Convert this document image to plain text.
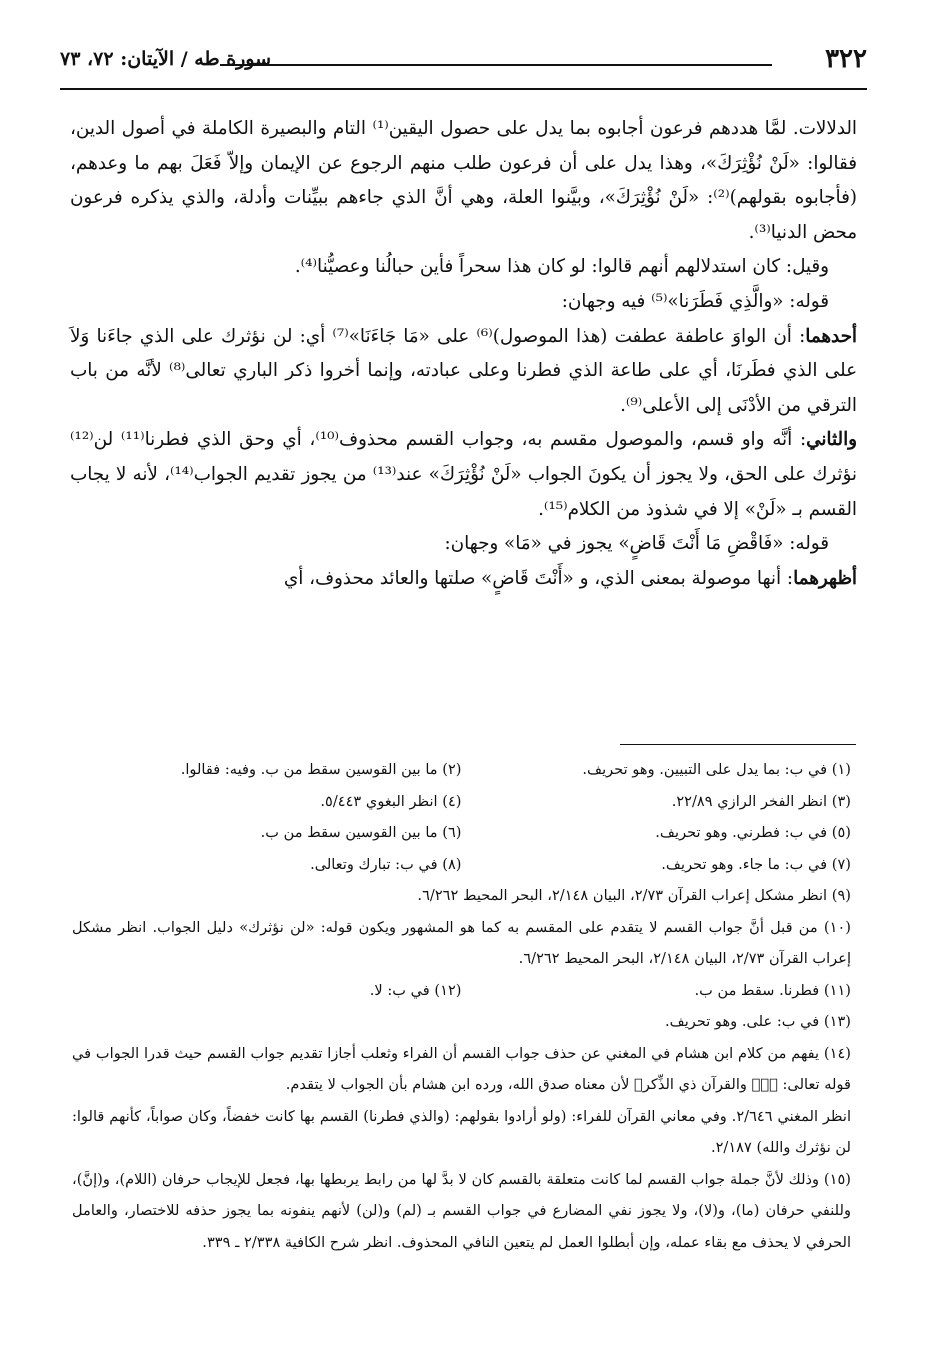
٣٢٢
سورة طه / الآيتان: ٧٢، ٧٣

الدلالات. لمَّا هددهم فرعون أجابوه بما يدل على حصول اليقين⁽¹⁾ التام والبصيرة الكاملة في أصول الدين، فقالوا: «لَنْ نُؤْثِرَكَ»، وهذا يدل على أن فرعون طلب منهم الرجوع عن الإيمان وإلاّ فَعَلَ بهم ما وعدهم، (فأجابوه بقولهم)⁽²⁾: «لَنْ نُؤْثِرَكَ»، وبيَّنوا العلة، وهي أنَّ الذي جاءهم ببيِّنات وأدلة، والذي يذكره فرعون محض الدنيا⁽³⁾.

وقيل: كان استدلالهم أنهم قالوا: لو كان هذا سحراً فأين حبالُنا وعصيُّنا⁽⁴⁾.

قوله: «والَّذِي فَطَرَنا»⁽⁵⁾ فيه وجهان:

أحدهما: أن الواوَ عاطفة عطفت (هذا الموصول)⁽⁶⁾ على «مَا جَاءَنَا»⁽⁷⁾ أي: لن نؤثرك على الذي جاءَنا وَلاَ على الذي فطَرنَا، أي على طاعة الذي فطرنا وعلى عبادته، وإنما أخروا ذكر الباري تعالى⁽⁸⁾ لأنَّه من باب الترقي من الأدْنَى إلى الأعلى⁽⁹⁾.

والثاني: أنَّه واو قسم، والموصول مقسم به، وجواب القسم محذوف⁽¹⁰⁾، أي وحق الذي فطرنا⁽¹¹⁾ لن⁽¹²⁾ نؤثرك على الحق، ولا يجوز أن يكونَ الجواب «لَنْ نُؤْثِرَكَ» عند⁽¹³⁾ من يجوز تقديم الجواب⁽¹⁴⁾، لأنه لا يجاب القسم بـ «لَنْ» إلا في شذوذ من الكلام⁽¹⁵⁾.

قوله: «فَاقْضِ مَا أَنْتَ قَاضٍ» يجوز في «مَا» وجهان:

أظهرهما: أنها موصولة بمعنى الذي، و «أَنْتَ قَاضٍ» صلتها والعائد محذوف، أي

(١) في ب: بما يدل على التبيين. وهو تحريف.
(٢) ما بين القوسين سقط من ب. وفيه: فقالوا.
(٣) انظر الفخر الرازي ٢٢/٨٩.
(٤) انظر البغوي ٥/٤٤٣.
(٥) في ب: فطرني. وهو تحريف.
(٦) ما بين القوسين سقط من ب.
(٧) في ب: ما جاء. وهو تحريف.
(٨) في ب: تبارك وتعالى.
(٩) انظر مشكل إعراب القرآن ٢/٧٣، البيان ٢/١٤٨، البحر المحيط ٦/٢٦٢.
(١٠) من قبل أنَّ جواب القسم لا يتقدم على المقسم به كما هو المشهور ويكون قوله: «لن نؤثرك» دليل الجواب. انظر مشكل إعراب القرآن ٢/٧٣، البيان ٢/١٤٨، البحر المحيط ٦/٢٦٢.
(١١) فطرنا. سقط من ب.
(١٢) في ب: لا.
(١٣) في ب: على. وهو تحريف.
(١٤) يفهم من كلام ابن هشام في المغني عن حذف جواب القسم أن الفراء وثعلب أجازا تقديم جواب القسم حيث قدرا الجواب في قوله تعالى: ﴿صۤ والقرآن ذي الذِّكر﴾ لأن معناه صدق الله، ورده ابن هشام بأن الجواب لا يتقدم.
انظر المغني ٢/٦٤٦. وفي معاني القرآن للفراء: (ولو أرادوا بقولهم: (والذي فطرنا) القسم بها كانت خفضاً، وكان صواباً، كأنهم قالوا: لن نؤثرك والله) ٢/١٨٧.
(١٥) وذلك لأنَّ جملة جواب القسم لما كانت متعلقة بالقسم كان لا بدَّ لها من رابط يربطها بها، فجعل للإيجاب حرفان (اللام)، و(إنَّ)، وللنفي حرفان (ما)، و(لا)، ولا يجوز نفي المضارع في جواب القسم بـ (لم) و(لن) لأنهم ينفونه بما يجوز حذفه للاختصار، والعامل الحرفي لا يحذف مع بقاء عمله، وإن أبطلوا العمل لم يتعين النافي المحذوف. انظر شرح الكافية ٢/٣٣٨ ـ ٣٣٩.
